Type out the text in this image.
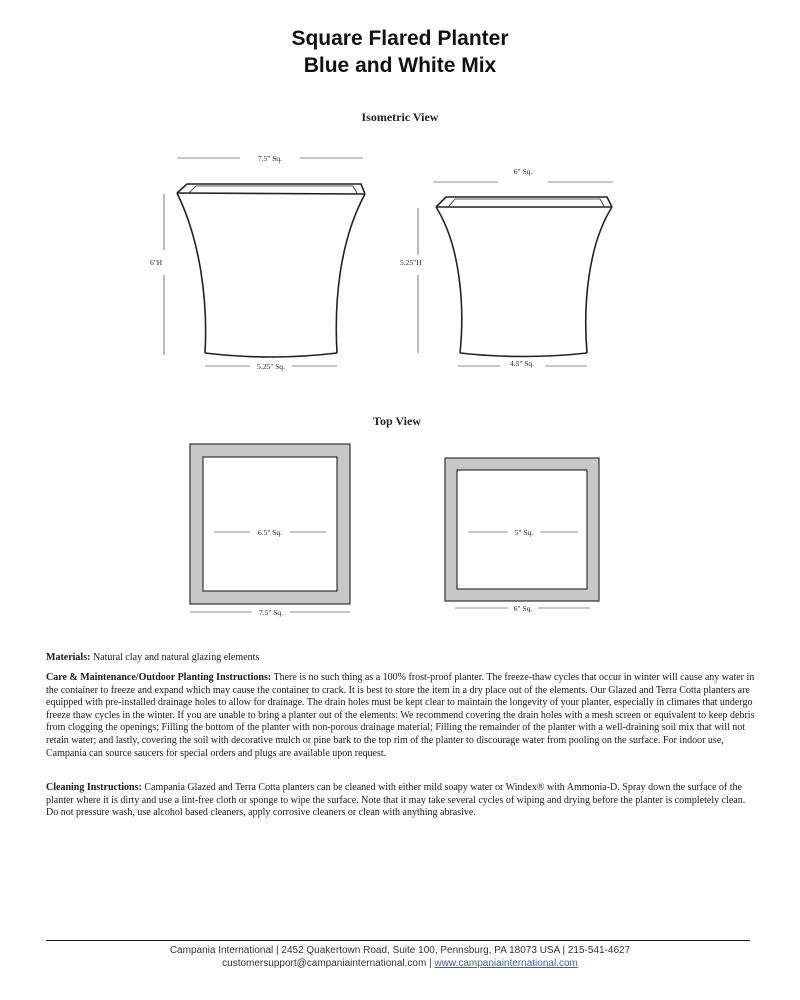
Square Flared Planter
Blue and White Mix
Isometric View
Top View
7.5" Sq.
6"H
5.25" Sq.
6" Sq.
5.25"H
4.5" Sq.
6.5" Sq.
7.5" Sq.
5" Sq.
6" Sq.
Materials: Natural clay and natural glazing elements
Care & Maintenance/Outdoor Planting Instructions: There is no such thing as a 100% frost-proof planter. The freeze-thaw cycles that occur in winter will cause any water in the container to freeze and expand which may cause the container to crack. It is best to store the item in a dry place out of the elements. Our Glazed and Terra Cotta planters are equipped with pre-installed drainage holes to allow for drainage. The drain holes must be kept clear to maintain the longevity of your planter, especially in climates that undergo freeze thaw cycles in the winter. If you are unable to bring a planter out of the elements: We recommend covering the drain holes with a mesh screen or equivalent to keep debris from clogging the openings; Filling the bottom of the planter with non-porous drainage material; Filling the remainder of the planter with a well-draining soil mix that will not retain water; and lastly, covering the soil with decorative mulch or pine bark to the top rim of the planter to discourage water from pooling on the surface. For indoor use, Campania can source saucers for special orders and plugs are available upon request.
Cleaning Instructions: Campania Glazed and Terra Cotta planters can be cleaned with either mild soapy water or Windex® with Ammonia-D. Spray down the surface of the planter where it is dirty and use a lint-free cloth or sponge to wipe the surface. Note that it may take several cycles of wiping and drying before the planter is completely clean. Do not pressure wash, use alcohol based cleaners, apply corrosive cleaners or clean with anything abrasive.
Campania International | 2452 Quakertown Road, Suite 100, Pennsburg, PA 18073 USA | 215-541-4627
customersupport@campaniainternational.com | www.campaniainternational.com
